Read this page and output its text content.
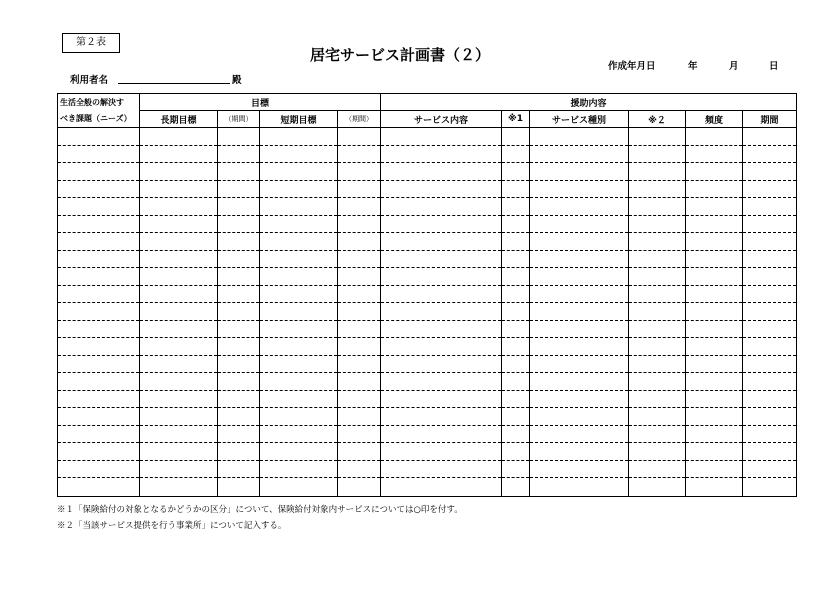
第２表
居宅サービス計画書（２）
作成年月日	年	月	日
利用者名	殿
生活全般の解決す	目標				援助内容					
べき課題（ニーズ）	長期目標	（期間）	短期目標	（期間）	サービス内容	※1	サービス種別	※２	頻度	期間

※１「保険給付の対象となるかどうかの区分」について、保険給付対象内サービスについては○印を付す。
※２「当該サービス提供を行う事業所」について記入する。
